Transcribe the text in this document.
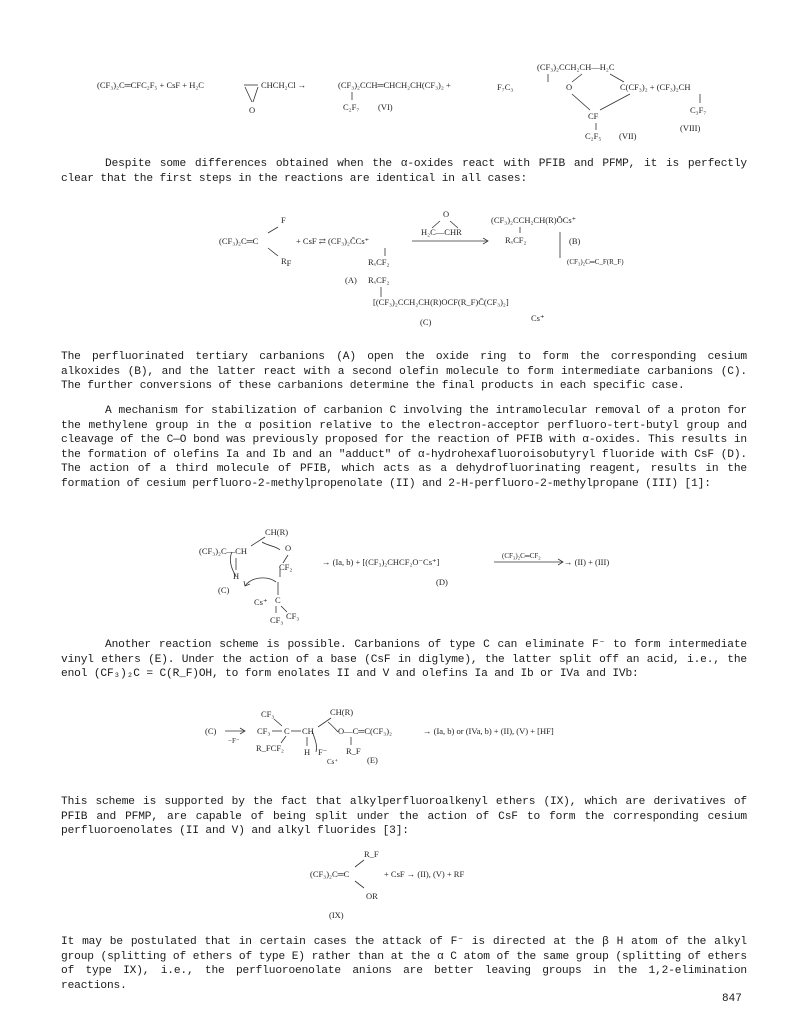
(CF₃)₂C═CFC₂F₅ + CsF + H₂C
O
CHCH₂Cl →	(CF₃)₂CCH═CHCH₂CH(CF₃)₂ +
C₂F₇ (VI)
(CF₃)₂CCH₂CH—H₂C
F₇C₃	O	C(CF₃)₂ + (CF₃)₂CH
CF
C₂F₅ (VII)
C₃F₇
(VIII)

Despite some differences obtained when the α-oxides react with PFIB and PFMP, it is perfectly clear that the first steps in the reactions are identical in all cases:

F
(CF₃)₂C═C
RF
+ CsF ⇄ (CF₃)₂C̄Cs⁺
RₓCF₂
(A) RₓCF₂
[(CF₃)₂CCH₂CH(R)OCF(R_F)C̄(CF₃)₂]
(C)	Cs⁺
O
H₂C—CHR
(CF₃)₂CCH₂CH(R)ŌCs⁺
RₓCF₂	(B)
(CF₃)₂C═C_F(R_F)

The perfluorinated tertiary carbanions (A) open the oxide ring to form the corresponding cesium alkoxides (B), and the latter react with a second olefin molecule to form intermediate carbanions (C). The further conversions of these carbanions determine the final products in each specific case.

A mechanism for stabilization of carbanion C involving the intramolecular removal of a proton for the methylene group in the α position relative to the electron-acceptor perfluoro-tert-butyl group and cleavage of the C—O bond was previously proposed for the reaction of PFIB with α-oxides. This results in the formation of olefins Ia and Ib and an "adduct" of α-hydrohexafluoroisobutyryl fluoride with CsF (D). The action of a third molecule of PFIB, which acts as a dehydrofluorinating reagent, results in the formation of cesium perfluoro-2-methylpropenolate (II) and 2-H-perfluoro-2-methylpropane (III) [1]:

CH(R)
(CF₃)₂C—CH
H
O
CF₂
(C)
C
Cs⁺
CF₃ CF₃
→ (Ia, b) + [(CF₃)₂CHCF₂O⁻Cs⁺]
(CF₃)₂C═CF₂
→ (II) + (III)
(D)

Another reaction scheme is possible. Carbanions of type C can eliminate F⁻ to form intermediate vinyl ethers (E). Under the action of a base (CsF in diglyme), the latter split off an acid, i.e., the enol (CF₃)₂C = C(R_F)OH, to form enolates II and V and olefins Ia and Ib or IVa and IVb:

(C)
−F⁻
CF₃
CF₃ C CH
R_FCF₂ H F⁻
Cs⁺
CH(R)
O—C═C(CF₃)₂
R_F
(E)
→ (Ia, b) or (IVa, b) + (II), (V) + [HF]

This scheme is supported by the fact that alkylperfluoroalkenyl ethers (IX), which are derivatives of PFIB and PFMP, are capable of being split under the action of CsF to form the corresponding cesium perfluoroenolates (II and V) and alkyl fluorides [3]:

R_F
(CF₃)₂C═C
OR
+ CsF → (II), (V) + RF
(IX)

It may be postulated that in certain cases the attack of F⁻ is directed at the β H atom of the alkyl group (splitting of ethers of type E) rather than at the α C atom of the same group (splitting of ethers of type IX), i.e., the perfluoroenolate anions are better leaving groups in the 1,2-elimination reactions.

847
